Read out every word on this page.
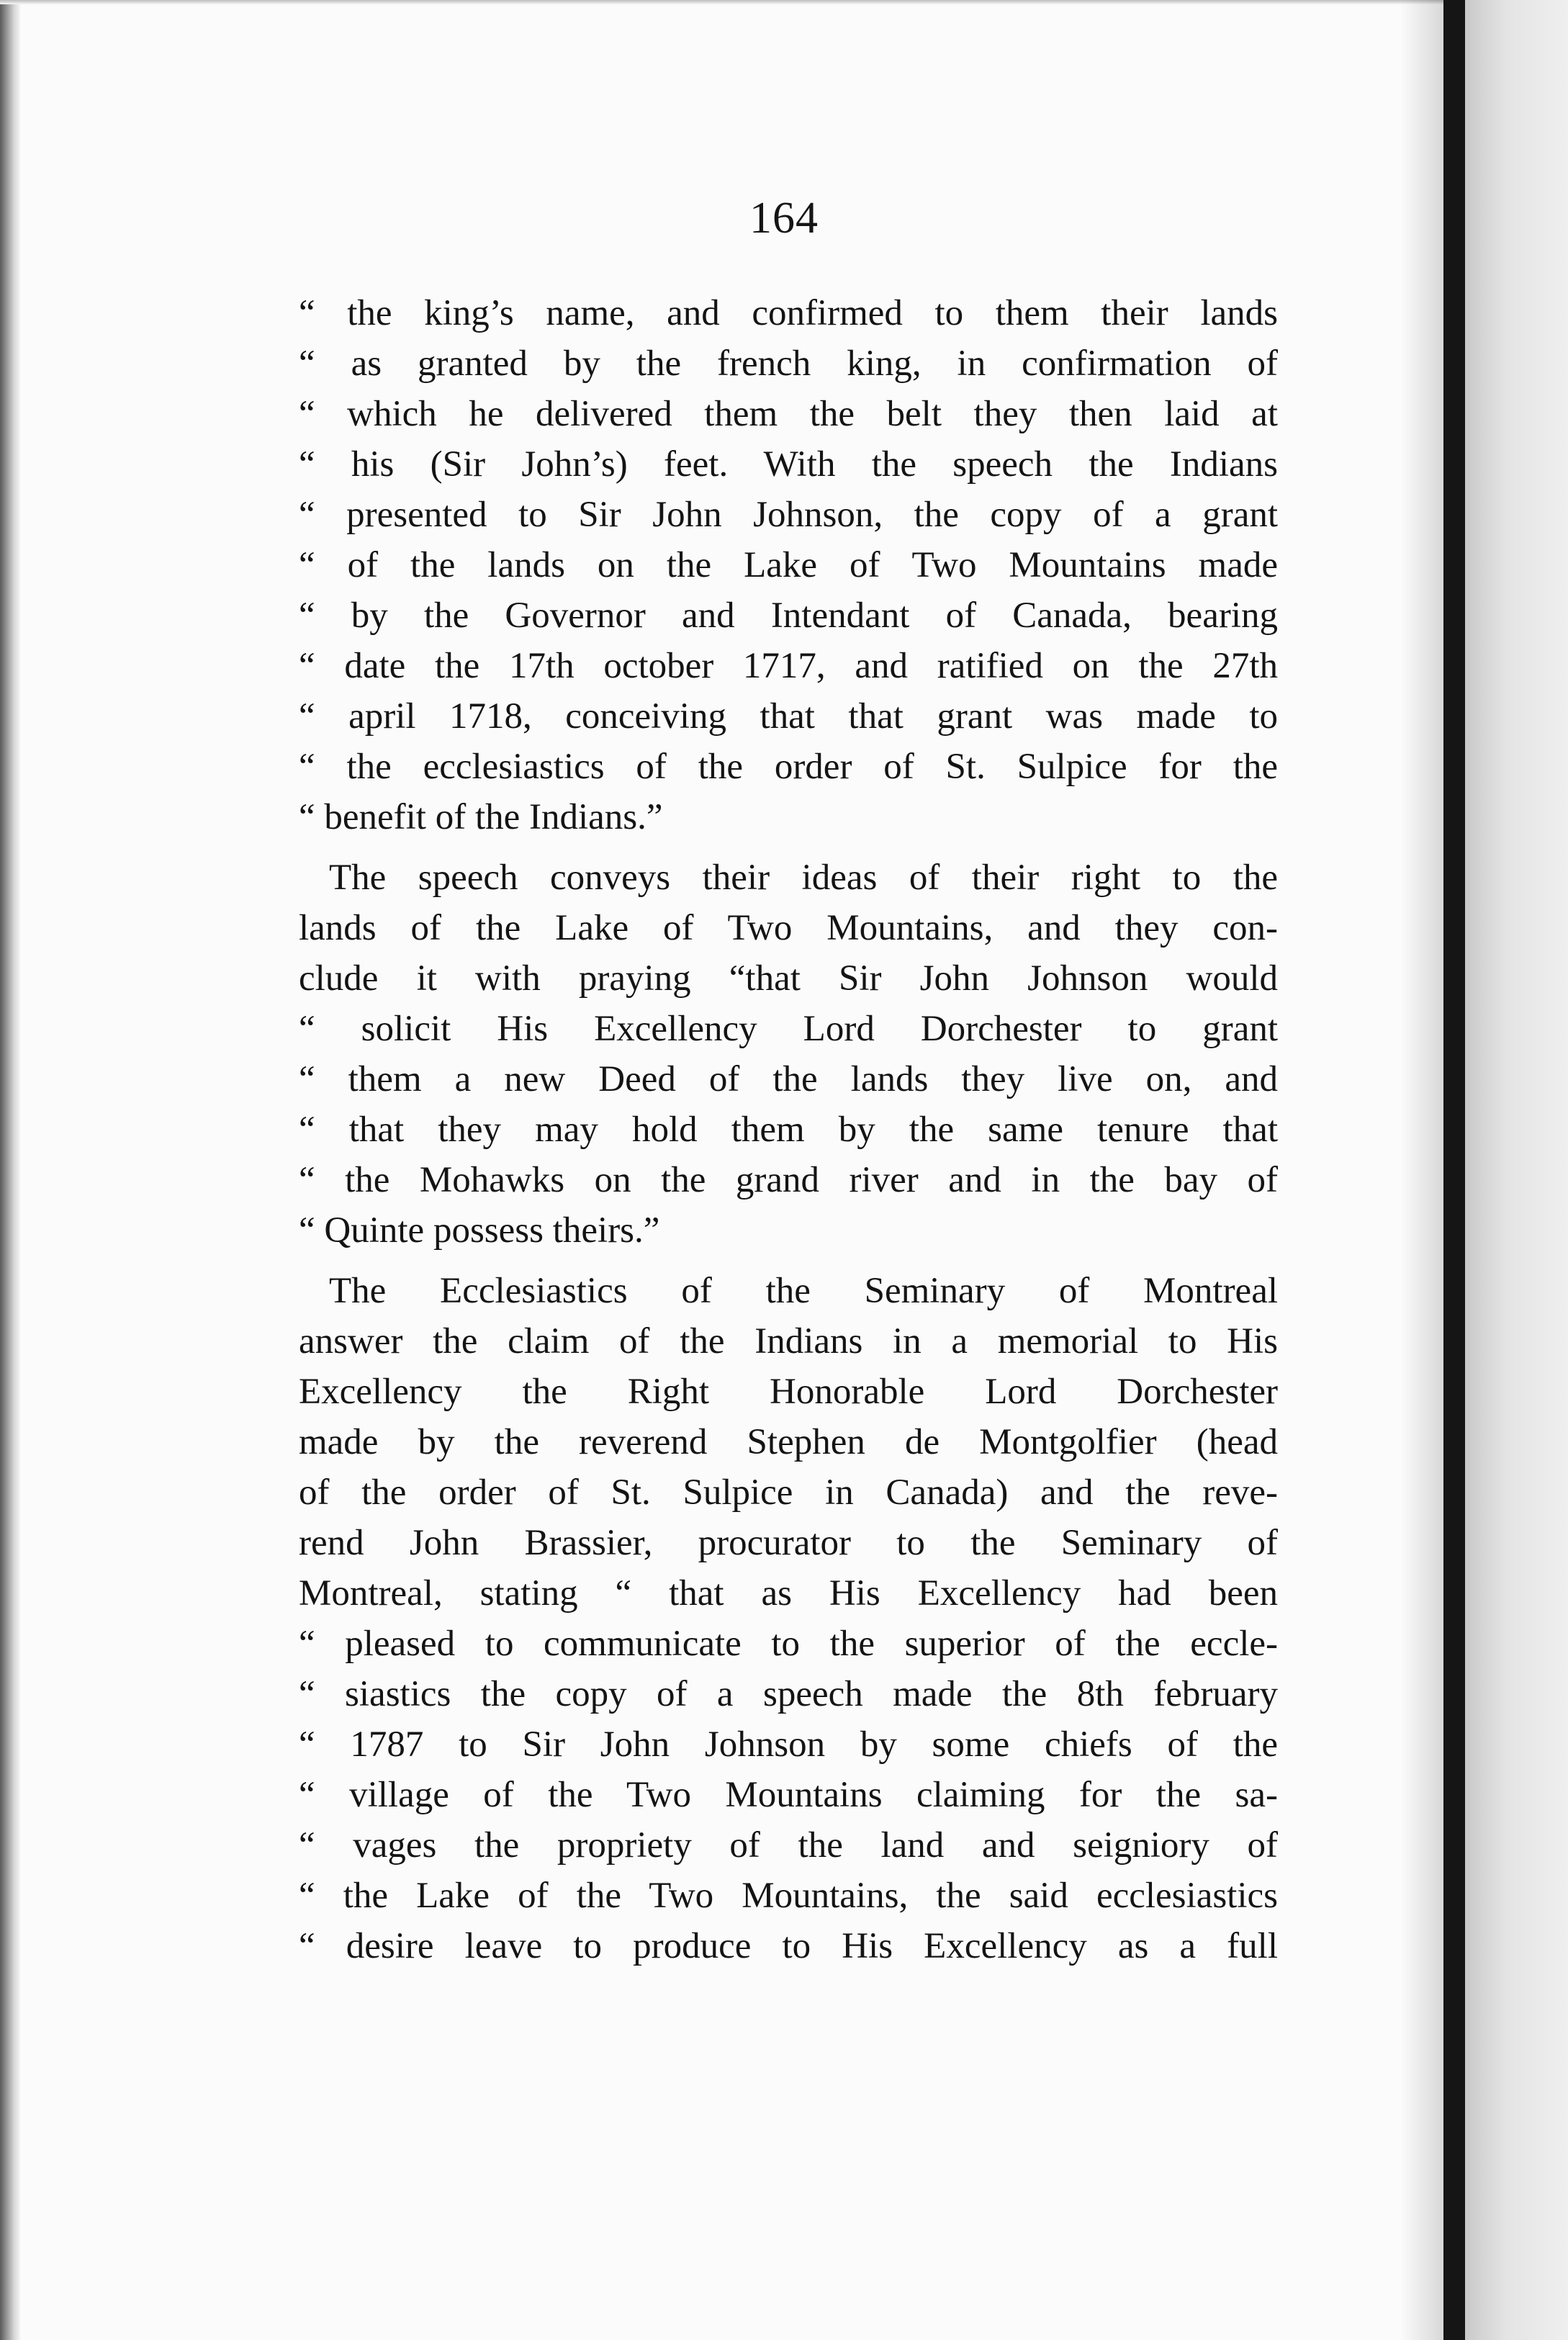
164

“ the king’s name, and confirmed to them their lands
“ as granted by the french king, in confirmation of
“ which he delivered them the belt they then laid at
“ his (Sir John’s) feet. With the speech the Indians
“ presented to Sir John Johnson, the copy of a grant
“ of the lands on the Lake of Two Mountains made
“ by the Governor and Intendant of Canada, bearing
“ date the 17th october 1717, and ratified on the 27th
“ april 1718, conceiving that that grant was made to
“ the ecclesiastics of the order of St. Sulpice for the
“ benefit of the Indians.”

The speech conveys their ideas of their right to the
lands of the Lake of Two Mountains, and they con-
clude it with praying “that Sir John Johnson would
“ solicit His Excellency Lord Dorchester to grant
“ them a new Deed of the lands they live on, and
“ that they may hold them by the same tenure that
“ the Mohawks on the grand river and in the bay of
“ Quinte possess theirs.”

The Ecclesiastics of the Seminary of Montreal
answer the claim of the Indians in a memorial to His
Excellency the Right Honorable Lord Dorchester
made by the reverend Stephen de Montgolfier (head
of the order of St. Sulpice in Canada) and the reve-
rend John Brassier, procurator to the Seminary of
Montreal, stating “ that as His Excellency had been
“ pleased to communicate to the superior of the eccle-
“ siastics the copy of a speech made the 8th february
“ 1787 to Sir John Johnson by some chiefs of the
“ village of the Two Mountains claiming for the sa-
“ vages the propriety of the land and seigniory of
“ the Lake of the Two Mountains, the said ecclesiastics
“ desire leave to produce to His Excellency as a full
